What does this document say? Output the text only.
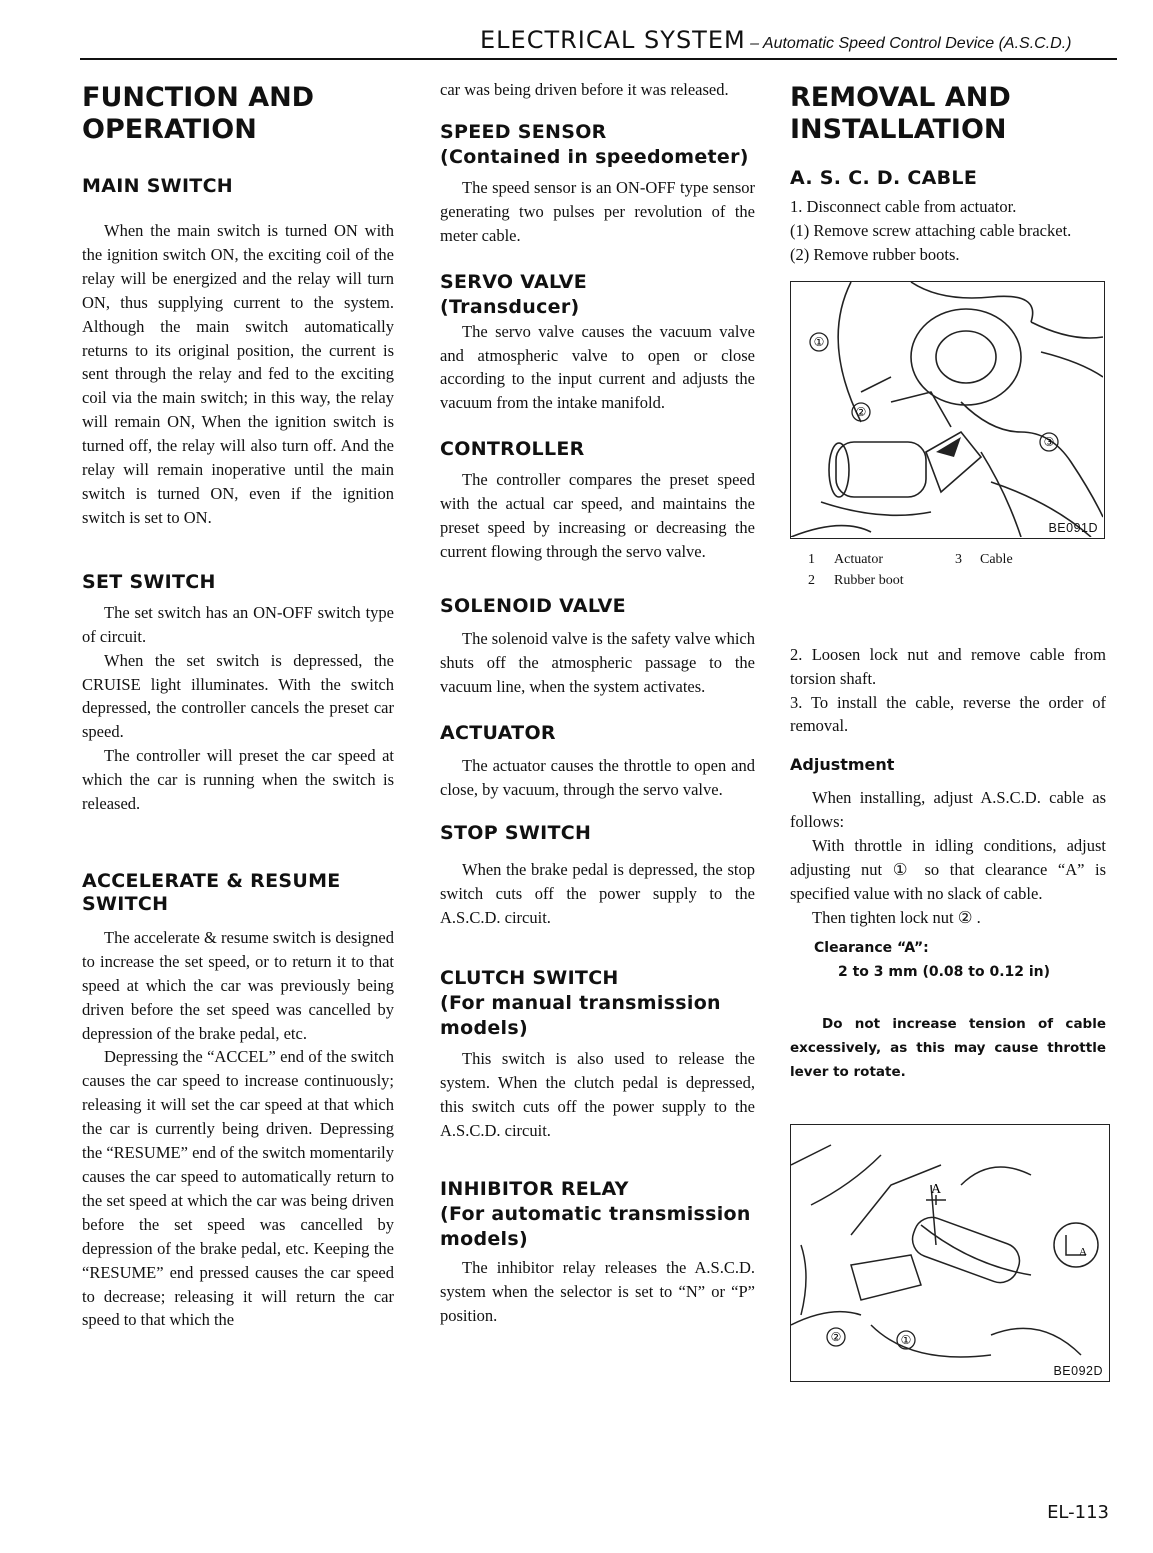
ELECTRICAL SYSTEM – Automatic Speed Control Device (A.S.C.D.)
FUNCTION AND OPERATION
MAIN SWITCH

When the main switch is turned ON with the ignition switch ON, the exciting coil of the relay will be energized and the relay will turn ON, thus supplying current to the system. Although the main switch automatically returns to its original position, the current is sent through the relay and fed to the exciting coil via the main switch; in this way, the relay will remain ON, When the ignition switch is turned off, the relay will also turn off. And the relay will remain inoperative until the main switch is turned ON, even if the ignition switch is set to ON.

SET SWITCH

The set switch has an ON-OFF switch type of circuit.

When the set switch is depressed, the CRUISE light illuminates. With the switch depressed, the controller cancels the preset car speed.

The controller will preset the car speed at which the car is running when the switch is released.

ACCELERATE & RESUME SWITCH

The accelerate & resume switch is designed to increase the set speed, or to return it to that speed at which the car was previously being driven before the set speed was cancelled by depression of the brake pedal, etc.

Depressing the “ACCEL” end of the switch causes the car speed to increase continuously; releasing it will set the car speed at that which the car is currently being driven. Depressing the “RESUME” end of the switch momentarily causes the car speed to automatically return to the set speed at which the car was being driven before the set speed was cancelled by depression of the brake pedal, etc. Keeping the “RESUME” end pressed causes the car speed to decrease; releasing it will return the car speed to that which the

car was being driven before it was released.

SPEED SENSOR
(Contained in speedometer)

The speed sensor is an ON-OFF type sensor generating two pulses per revolution of the meter cable.

SERVO VALVE
(Transducer)

The servo valve causes the vacuum valve and atmospheric valve to open or close according to the input current and adjusts the vacuum from the intake manifold.

CONTROLLER

The controller compares the preset speed with the actual car speed, and maintains the preset speed by increasing or decreasing the current flowing through the servo valve.

SOLENOID VALVE

The solenoid valve is the safety valve which shuts off the atmospheric passage to the vacuum line, when the system activates.

ACTUATOR

The actuator causes the throttle to open and close, by vacuum, through the servo valve.

STOP SWITCH

When the brake pedal is depressed, the stop switch cuts off the power supply to the A.S.C.D. circuit.

CLUTCH SWITCH
(For manual transmission models)

This switch is also used to release the system. When the clutch pedal is depressed, this switch cuts off the power supply to the A.S.C.D. circuit.

INHIBITOR RELAY
(For automatic transmission models)

The inhibitor relay releases the A.S.C.D. system when the selector is set to “N” or “P” position.

REMOVAL AND INSTALLATION
A. S. C. D. CABLE

1. Disconnect cable from actuator.

(1) Remove screw attaching cable bracket.

(2) Remove rubber boots.

①
②
③
BE091D
1 Actuator
2 Rubber boot
3 Cable

2. Loosen lock nut and remove cable from torsion shaft.

3. To install the cable, reverse the order of removal.

Adjustment

When installing, adjust A.S.C.D. cable as follows:

With throttle in idling conditions, adjust adjusting nut ① so that clearance “A” is specified value with no slack of cable.

Then tighten lock nut ② .

Clearance “A”:
2 to 3 mm (0.08 to 0.12 in)
Do not increase tension of cable excessively, as this may cause throttle lever to rotate.
②	①
A
A
BE092D
EL-113
